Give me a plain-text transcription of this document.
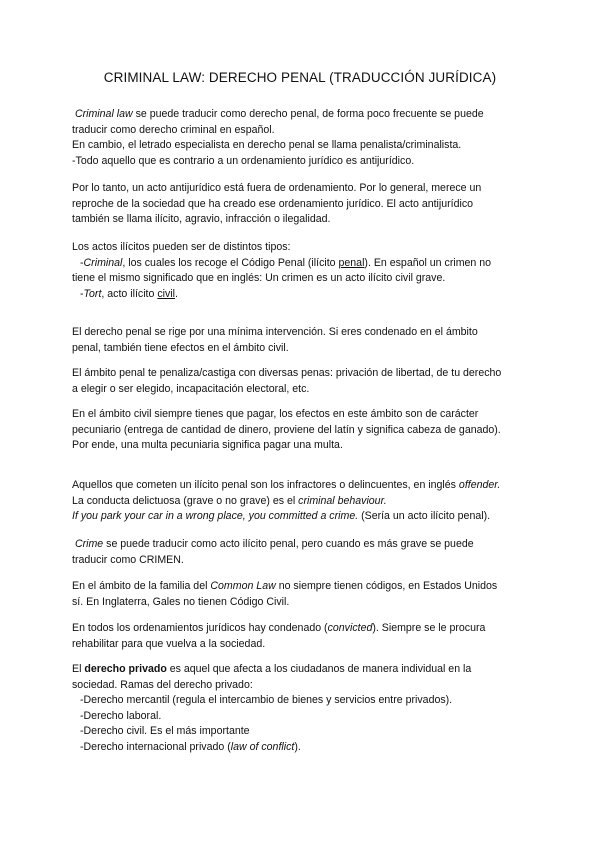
CRIMINAL LAW: DERECHO PENAL (TRADUCCIÓN JURÍDICA)
Criminal law se puede traducir como derecho penal, de forma poco frecuente se puede
traducir como derecho criminal en español.
En cambio, el letrado especialista en derecho penal se llama penalista/criminalista.
-Todo aquello que es contrario a un ordenamiento jurídico es antijurídico.
Por lo tanto, un acto antijurídico está fuera de ordenamiento. Por lo general, merece un
reproche de la sociedad que ha creado ese ordenamiento jurídico. El acto antijurídico
también se llama ilícito, agravio, infracción o ilegalidad.
Los actos ilícitos pueden ser de distintos tipos:
-Criminal, los cuales los recoge el Código Penal (ilícito penal). En español un crimen no
tiene el mismo significado que en inglés: Un crimen es un acto ilícito civil grave.
-Tort, acto ilícito civil.
El derecho penal se rige por una mínima intervención. Si eres condenado en el ámbito
penal, también tiene efectos en el ámbito civil.
El ámbito penal te penaliza/castiga con diversas penas: privación de libertad, de tu derecho
a elegir o ser elegido, incapacitación electoral, etc.
En el ámbito civil siempre tienes que pagar, los efectos en este ámbito son de carácter
pecuniario (entrega de cantidad de dinero, proviene del latín y significa cabeza de ganado).
Por ende, una multa pecuniaria significa pagar una multa.
Aquellos que cometen un ilícito penal son los infractores o delincuentes, en inglés offender.
La conducta delictuosa (grave o no grave) es el criminal behaviour.
If you park your car in a wrong place, you committed a crime. (Sería un acto ilícito penal).
Crime se puede traducir como acto ilícito penal, pero cuando es más grave se puede
traducir como CRIMEN.
En el ámbito de la familia del Common Law no siempre tienen códigos, en Estados Unidos
sí. En Inglaterra, Gales no tienen Código Civil.
En todos los ordenamientos jurídicos hay condenado (convicted). Siempre se le procura
rehabilitar para que vuelva a la sociedad.
El derecho privado es aquel que afecta a los ciudadanos de manera individual en la
sociedad. Ramas del derecho privado:
-Derecho mercantil (regula el intercambio de bienes y servicios entre privados).
-Derecho laboral.
-Derecho civil. Es el más importante
-Derecho internacional privado (law of conflict).
